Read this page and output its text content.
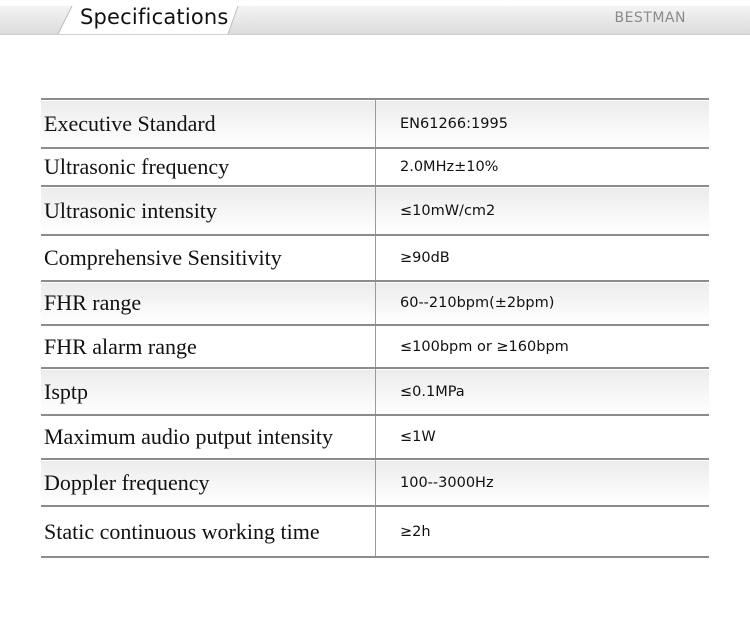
Specifications	BESTMAN
Executive Standard	EN61266:1995
Ultrasonic frequency	2.0MHz±10%
Ultrasonic intensity	≤10mW/cm2
Comprehensive Sensitivity	≥90dB
FHR range	60--210bpm(±2bpm)
FHR alarm range	≤100bpm or ≥160bpm
Isptp	≤0.1MPa
Maximum audio putput intensity	≤1W
Doppler frequency	100--3000Hz
Static continuous working time	≥2h
